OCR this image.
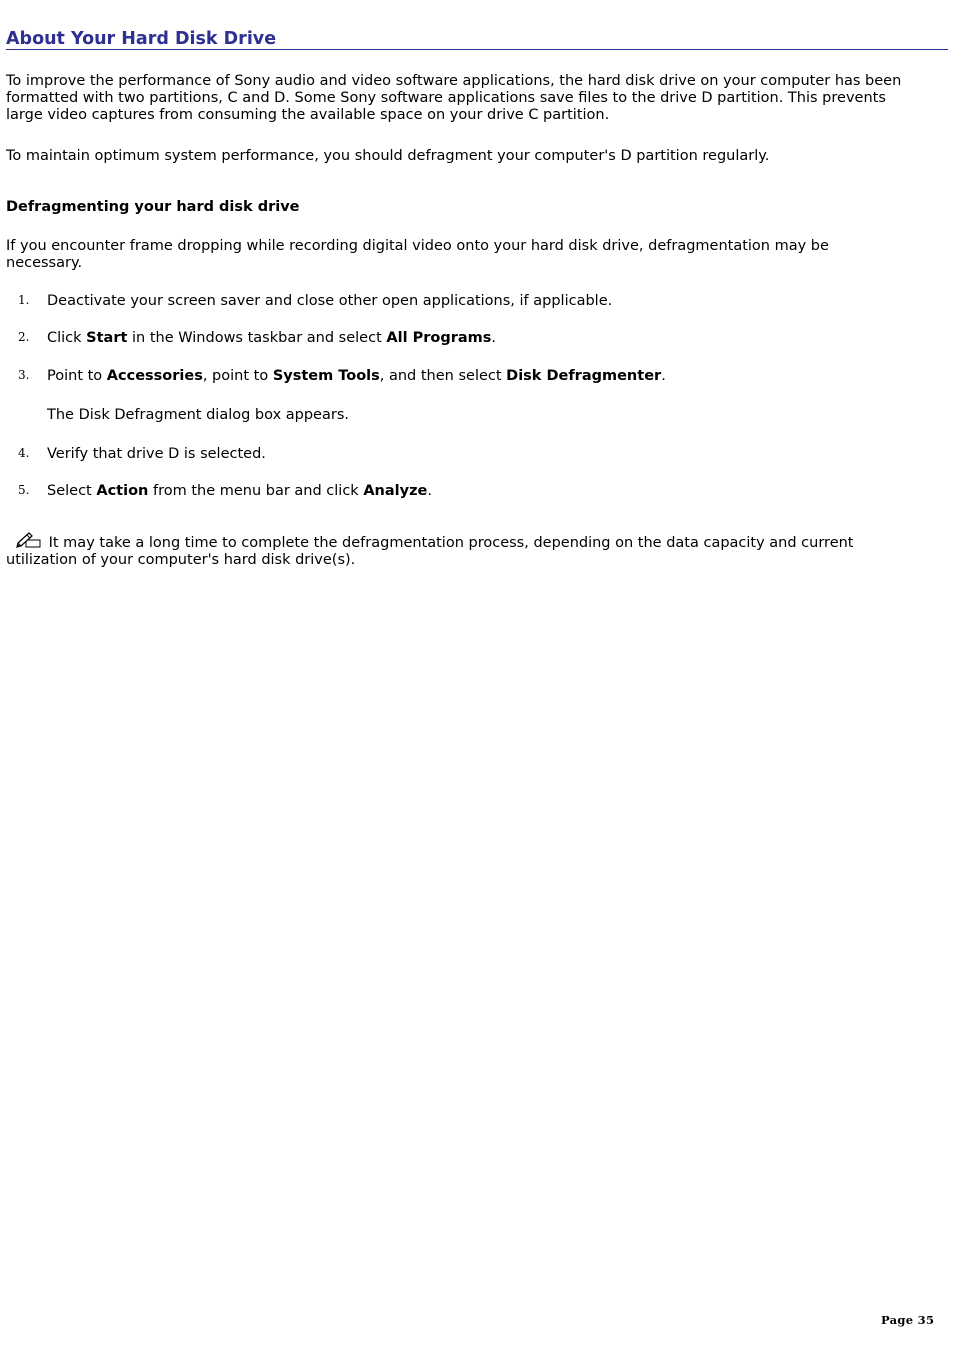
About Your Hard Disk Drive
To improve the performance of Sony audio and video software applications, the hard disk drive on your computer has been
formatted with two partitions, C and D. Some Sony software applications save files to the drive D partition. This prevents
large video captures from consuming the available space on your drive C partition.

To maintain optimum system performance, you should defragment your computer's D partition regularly.

Defragmenting your hard disk drive
If you encounter frame dropping while recording digital video onto your hard disk drive, defragmentation may be
necessary.
1. Deactivate your screen saver and close other open applications, if applicable.
2. Click Start in the Windows taskbar and select All Programs.
3. Point to Accessories, point to System Tools, and then select Disk Defragmenter.
The Disk Defragment dialog box appears.
4. Verify that drive D is selected.
5. Select Action from the menu bar and click Analyze.
It may take a long time to complete the defragmentation process, depending on the data capacity and current
utilization of your computer's hard disk drive(s).
Page 35
